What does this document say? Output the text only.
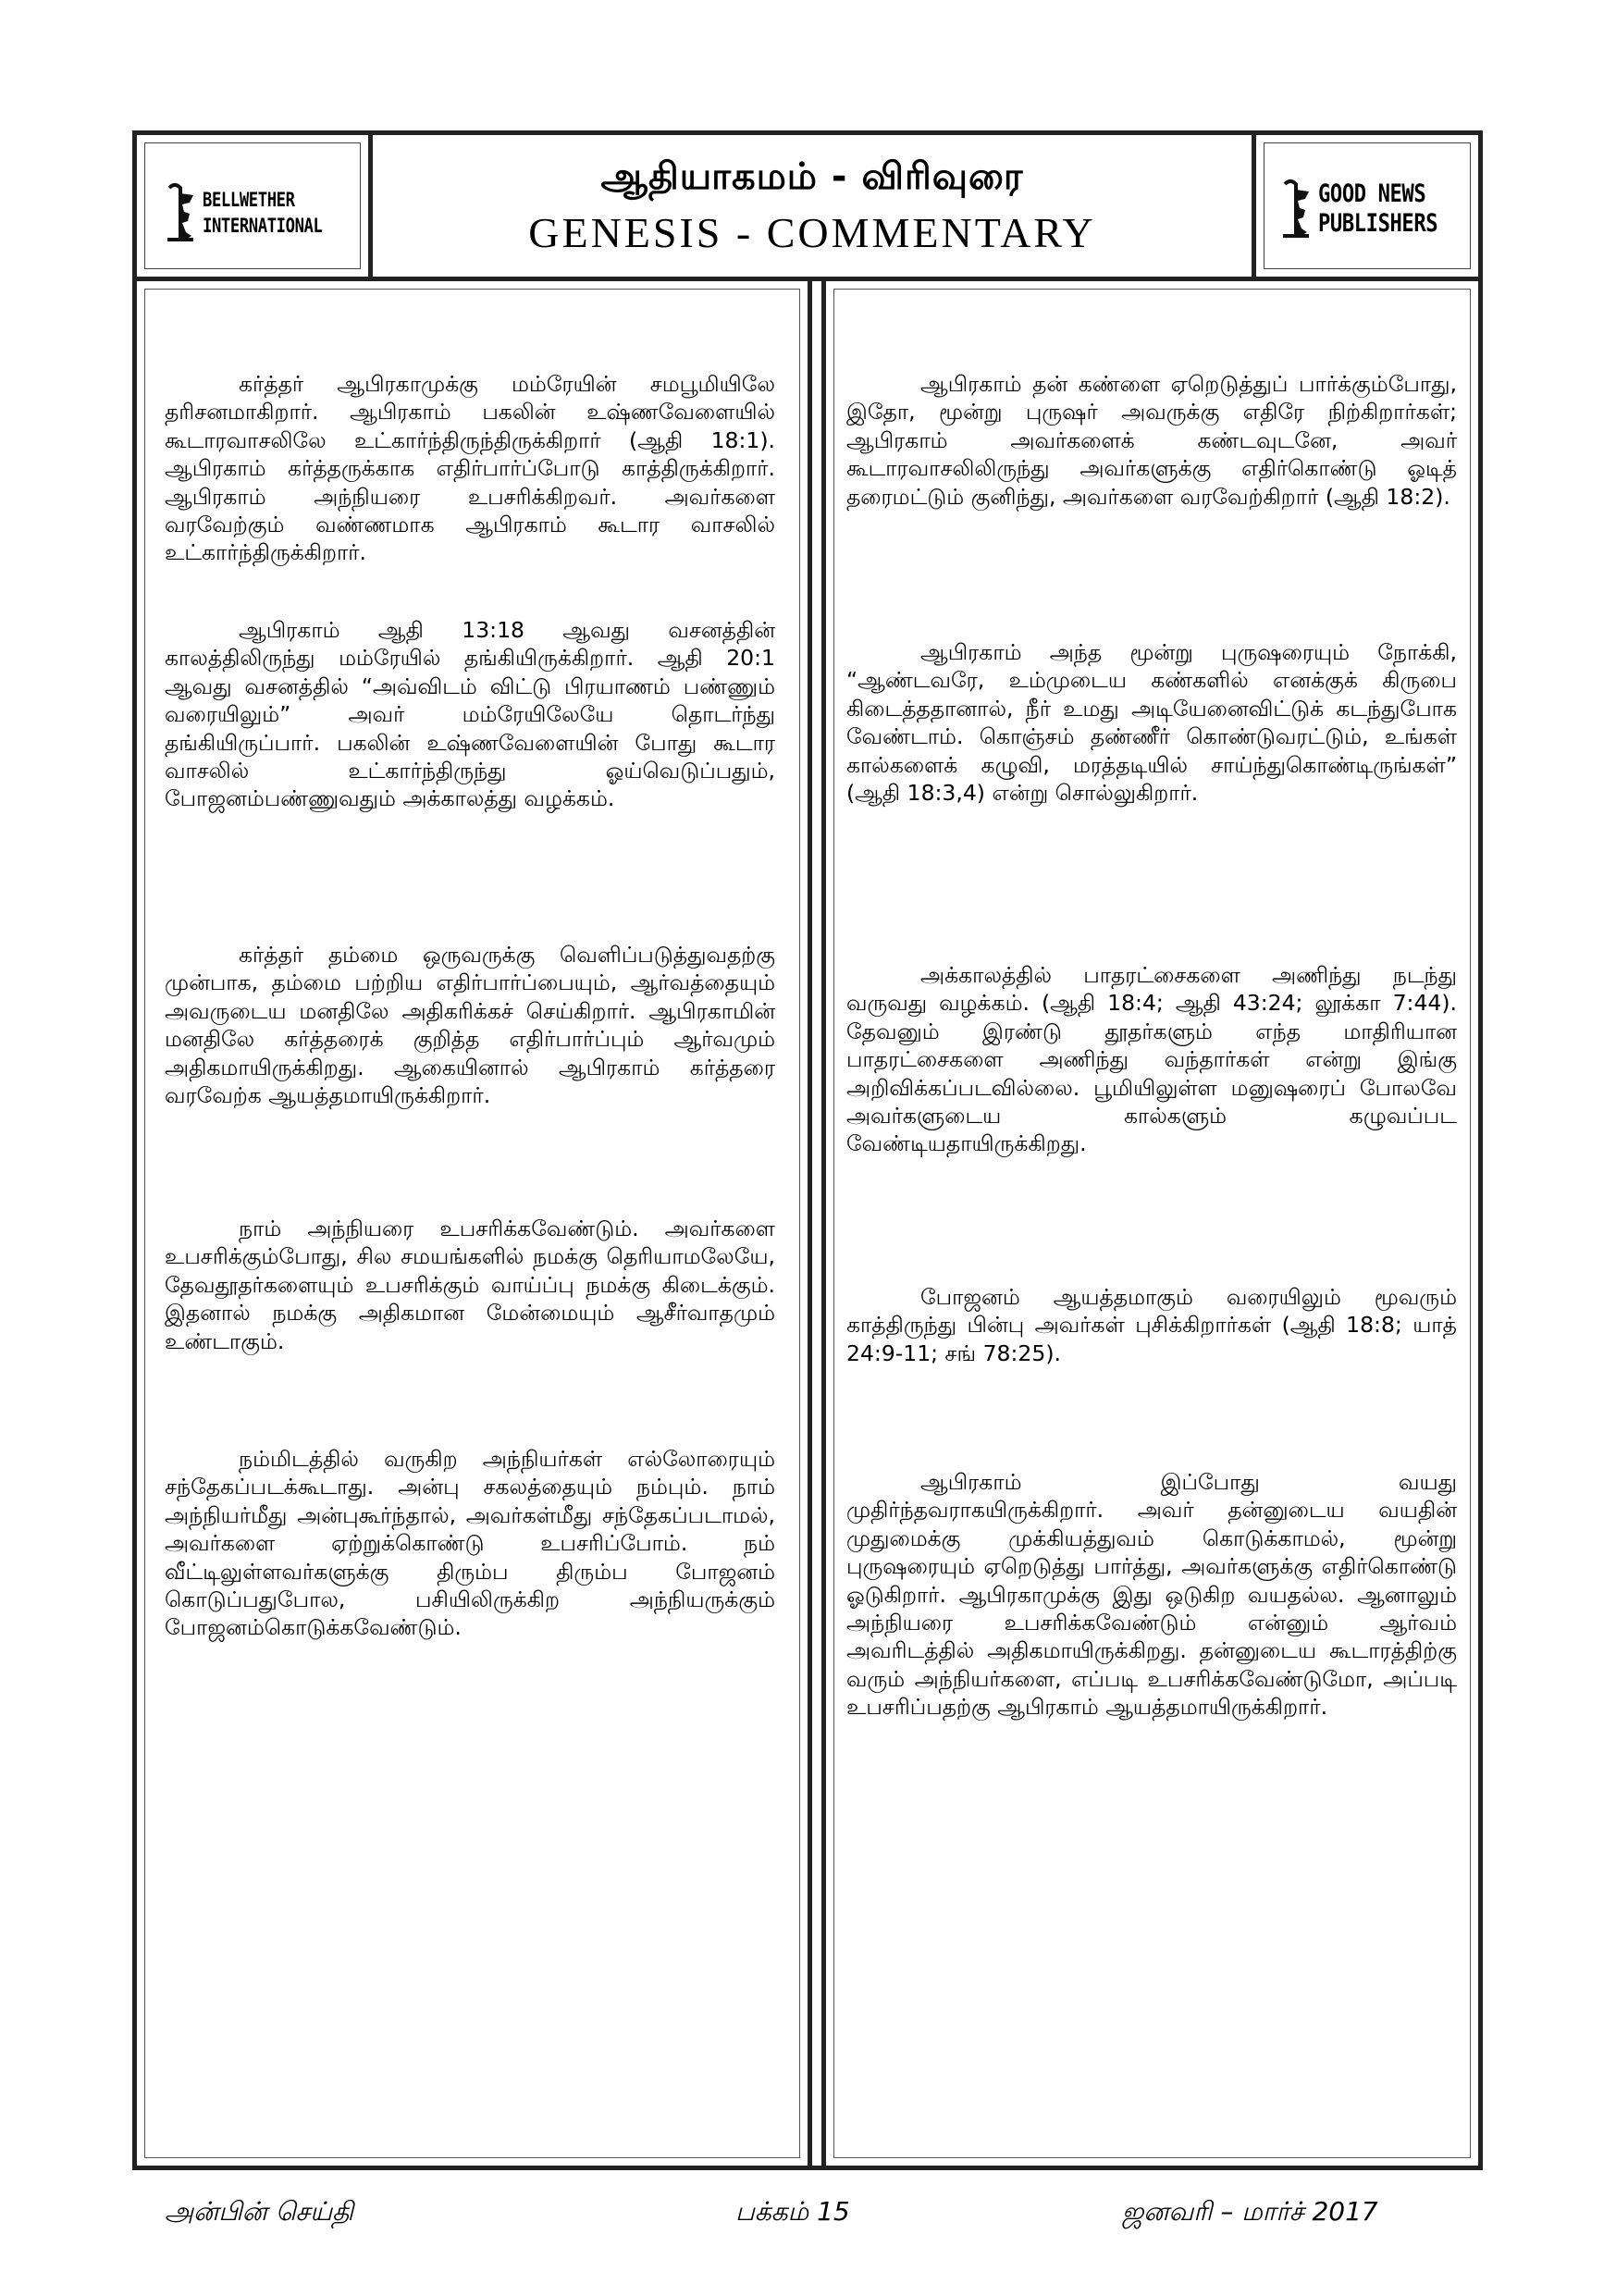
BELLWETHER
INTERNATIONAL
ஆதியாகமம் - விரிவுரை
GENESIS - COMMENTARY
GOOD NEWS
PUBLISHERS

கர்த்தர் ஆபிரகாமுக்கு மம்ரேயின் சமபூமியிலே தரிசனமாகிறார். ஆபிரகாம் பகலின் உஷ்ணவேளையில் கூடாரவாசலிலே உட்கார்ந்திருந்திருக்கிறார் (ஆதி 18:1). ஆபிரகாம் கர்த்தருக்காக எதிர்பார்ப்போடு காத்திருக்கிறார். ஆபிரகாம் அந்நியரை உபசரிக்கிறவர். அவர்களை வரவேற்கும் வண்ணமாக ஆபிரகாம் கூடார வாசலில் உட்கார்ந்திருக்கிறார்.

ஆபிரகாம் ஆதி 13:18 ஆவது வசனத்தின் காலத்திலிருந்து மம்ரேயில் தங்கியிருக்கிறார். ஆதி 20:1 ஆவது வசனத்தில் “அவ்விடம் விட்டு பிரயாணம் பண்ணும் வரையிலும்” அவர் மம்ரேயிலேயே தொடர்ந்து தங்கியிருப்பார். பகலின் உஷ்ணவேளையின் போது கூடார வாசலில் உட்கார்ந்திருந்து ஓய்வெடுப்பதும், போஜனம்பண்ணுவதும் அக்காலத்து வழக்கம்.

கர்த்தர் தம்மை ஒருவருக்கு வெளிப்படுத்துவதற்கு முன்பாக, தம்மை பற்றிய எதிர்பார்ப்பையும், ஆர்வத்தையும் அவருடைய மனதிலே அதிகரிக்கச் செய்கிறார். ஆபிரகாமின் மனதிலே கர்த்தரைக் குறித்த எதிர்பார்ப்பும் ஆர்வமும் அதிகமாயிருக்கிறது. ஆகையினால் ஆபிரகாம் கர்த்தரை வரவேற்க ஆயத்தமாயிருக்கிறார்.

நாம் அந்நியரை உபசரிக்கவேண்டும். அவர்களை உபசரிக்கும்போது, சில சமயங்களில் நமக்கு தெரியாமலேயே, தேவதூதர்களையும் உபசரிக்கும் வாய்ப்பு நமக்கு கிடைக்கும். இதனால் நமக்கு அதிகமான மேன்மையும் ஆசீர்வாதமும் உண்டாகும்.

நம்மிடத்தில் வருகிற அந்நியர்கள் எல்லோரையும் சந்தேகப்படக்கூடாது. அன்பு சகலத்தையும் நம்பும். நாம் அந்நியர்மீது அன்புகூர்ந்தால், அவர்கள்மீது சந்தேகப்படாமல், அவர்களை ஏற்றுக்கொண்டு உபசரிப்போம். நம் வீட்டிலுள்ளவர்களுக்கு திரும்ப திரும்ப போஜனம் கொடுப்பதுபோல, பசியிலிருக்கிற அந்நியருக்கும் போஜனம்கொடுக்கவேண்டும்.

ஆபிரகாம் தன் கண்ளை ஏறெடுத்துப் பார்க்கும்போது, இதோ, மூன்று புருஷர் அவருக்கு எதிரே நிற்கிறார்கள்; ஆபிரகாம் அவர்களைக் கண்டவுடனே, அவர் கூடாரவாசலிலிருந்து அவர்களுக்கு எதிர்கொண்டு ஓடித் தரைமட்டும் குனிந்து, அவர்களை வரவேற்கிறார் (ஆதி 18:2).

ஆபிரகாம் அந்த மூன்று புருஷரையும் நோக்கி, “ஆண்டவரே, உம்முடைய கண்களில் எனக்குக் கிருபை கிடைத்ததானால், நீர் உமது அடியேனைவிட்டுக் கடந்துபோக வேண்டாம். கொஞ்சம் தண்ணீர் கொண்டுவரட்டும், உங்கள் கால்களைக் கழுவி, மரத்தடியில் சாய்ந்துகொண்டிருங்கள்” (ஆதி 18:3,4) என்று சொல்லுகிறார்.

அக்காலத்தில் பாதரட்சைகளை அணிந்து நடந்து வருவது வழக்கம். (ஆதி 18:4; ஆதி 43:24; லூக்கா 7:44). தேவனும் இரண்டு தூதர்களும் எந்த மாதிரியான பாதரட்சைகளை அணிந்து வந்தார்கள் என்று இங்கு அறிவிக்கப்படவில்லை. பூமியிலுள்ள மனுஷரைப் போலவே அவர்களுடைய கால்களும் கழுவப்பட வேண்டியதாயிருக்கிறது.

போஜனம் ஆயத்தமாகும் வரையிலும் மூவரும் காத்திருந்து பின்பு அவர்கள் புசிக்கிறார்கள் (ஆதி 18:8; யாத் 24:9-11; சங் 78:25).

ஆபிரகாம் இப்போது வயது முதிர்ந்தவராகயிருக்கிறார். அவர் தன்னுடைய வயதின் முதுமைக்கு முக்கியத்துவம் கொடுக்காமல், மூன்று புருஷரையும் ஏறெடுத்து பார்த்து, அவர்களுக்கு எதிர்கொண்டு ஓடுகிறார். ஆபிரகாமுக்கு இது ஒடுகிற வயதல்ல. ஆனாலும் அந்நியரை உபசரிக்கவேண்டும் என்னும் ஆர்வம் அவரிடத்தில் அதிகமாயிருக்கிறது. தன்னுடைய கூடாரத்திற்கு வரும் அந்நியர்களை, எப்படி உபசரிக்கவேண்டுமோ, அப்படி உபசரிப்பதற்கு ஆபிரகாம் ஆயத்தமாயிருக்கிறார்.

அன்பின் செய்தி	பக்கம் 15	ஜனவரி – மார்ச் 2017
